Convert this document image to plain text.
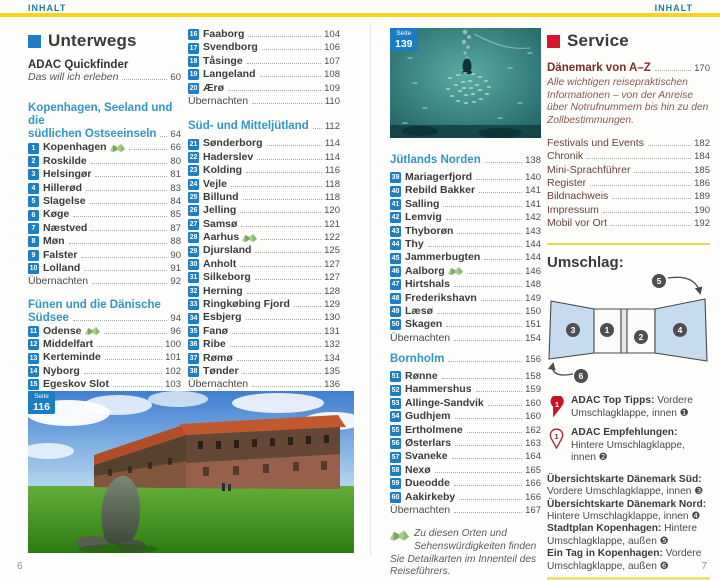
INHALT	INHALT
6	7
Unterwegs
ADAC Quickfinder
Das will ich erleben	60
Kopenhagen, Seeland und die
südlichen Ostseeinseln 64
1 Kopenhagen	66
2 Roskilde	80
3 Helsingør	81
4 Hillerød	83
5 Slagelse	84
6 Køge	85
7 Næstved	87
8 Møn	88
9 Falster	90
10 Lolland	91
Übernachten	92
Fünen und die Dänische
Südsee	94
11 Odense	96
12 Middelfart	100
13 Kerteminde	101
14 Nyborg	102
15 Egeskov Slot	103
Seite
116
16 Faaborg	104
17 Svendborg	106
18 Tåsinge	107
19 Langeland	108
20 Ærø	109
Übernachten	110
Süd- und Mitteljütland 112
21 Sønderborg	114
22 Haderslev	114
23 Kolding	116
24 Vejle	118
25 Billund	118
26 Jelling	120
27 Samsø	121
28 Aarhus	122
29 Djursland	125
30 Anholt	127
31 Silkeborg	127
32 Herning	128
33 Ringkøbing Fjord	129
34 Esbjerg	130
35 Fanø	131
36 Ribe	132
37 Rømø	134
38 Tønder	135
Übernachten	136
Seite
139
Jütlands Norden	138
39 Mariagerfjord	140
40 Rebild Bakker	141
41 Salling	141
42 Lemvig	142
43 Thyborøn	143
44 Thy	144
45 Jammerbugten	144
46 Aalborg	146
47 Hirtshals	148
48 Frederikshavn	149
49 Læsø	150
50 Skagen	151
Übernachten	154
Bornholm	156
51 Rønne	158
52 Hammershus	159
53 Allinge-Sandvik	160
54 Gudhjem	160
55 Ertholmene	162
56 Østerlars	163
57 Svaneke	164
58 Nexø	165
59 Dueodde	166
60 Aakirkeby	166
Übernachten	167
Zu diesen Orten und Sehenswürdigkeiten finden Sie Detailkarten im Innenteil des Reiseführers.
Service
Dänemark von A–Z	170
Alle wichtigen reisepraktischen Informationen – von der Anreise über Notrufnummern bis hin zu den Zollbestimmungen.
Festivals und Events	182
Chronik	184
Mini-Sprachführer	185
Register	186
Bildnachweis	189
Impressum	190
Mobil vor Ort	192
Umschlag:
3	1
2
4
5
6
1 ADAC Top Tipps: Vordere Umschlagklappe, innen ❶
1 ADAC Empfehlungen: Hintere Umschlagklappe, innen ❷
Übersichtskarte Dänemark Süd: Vordere Umschlagklappe, innen ❸
Übersichtskarte Dänemark Nord: Hintere Umschlagklappe, innen ❹
Stadtplan Kopenhagen: Hintere Umschlagklappe, außen ❺
Ein Tag in Kopenhagen: Vordere Umschlagklappe, außen ❻
